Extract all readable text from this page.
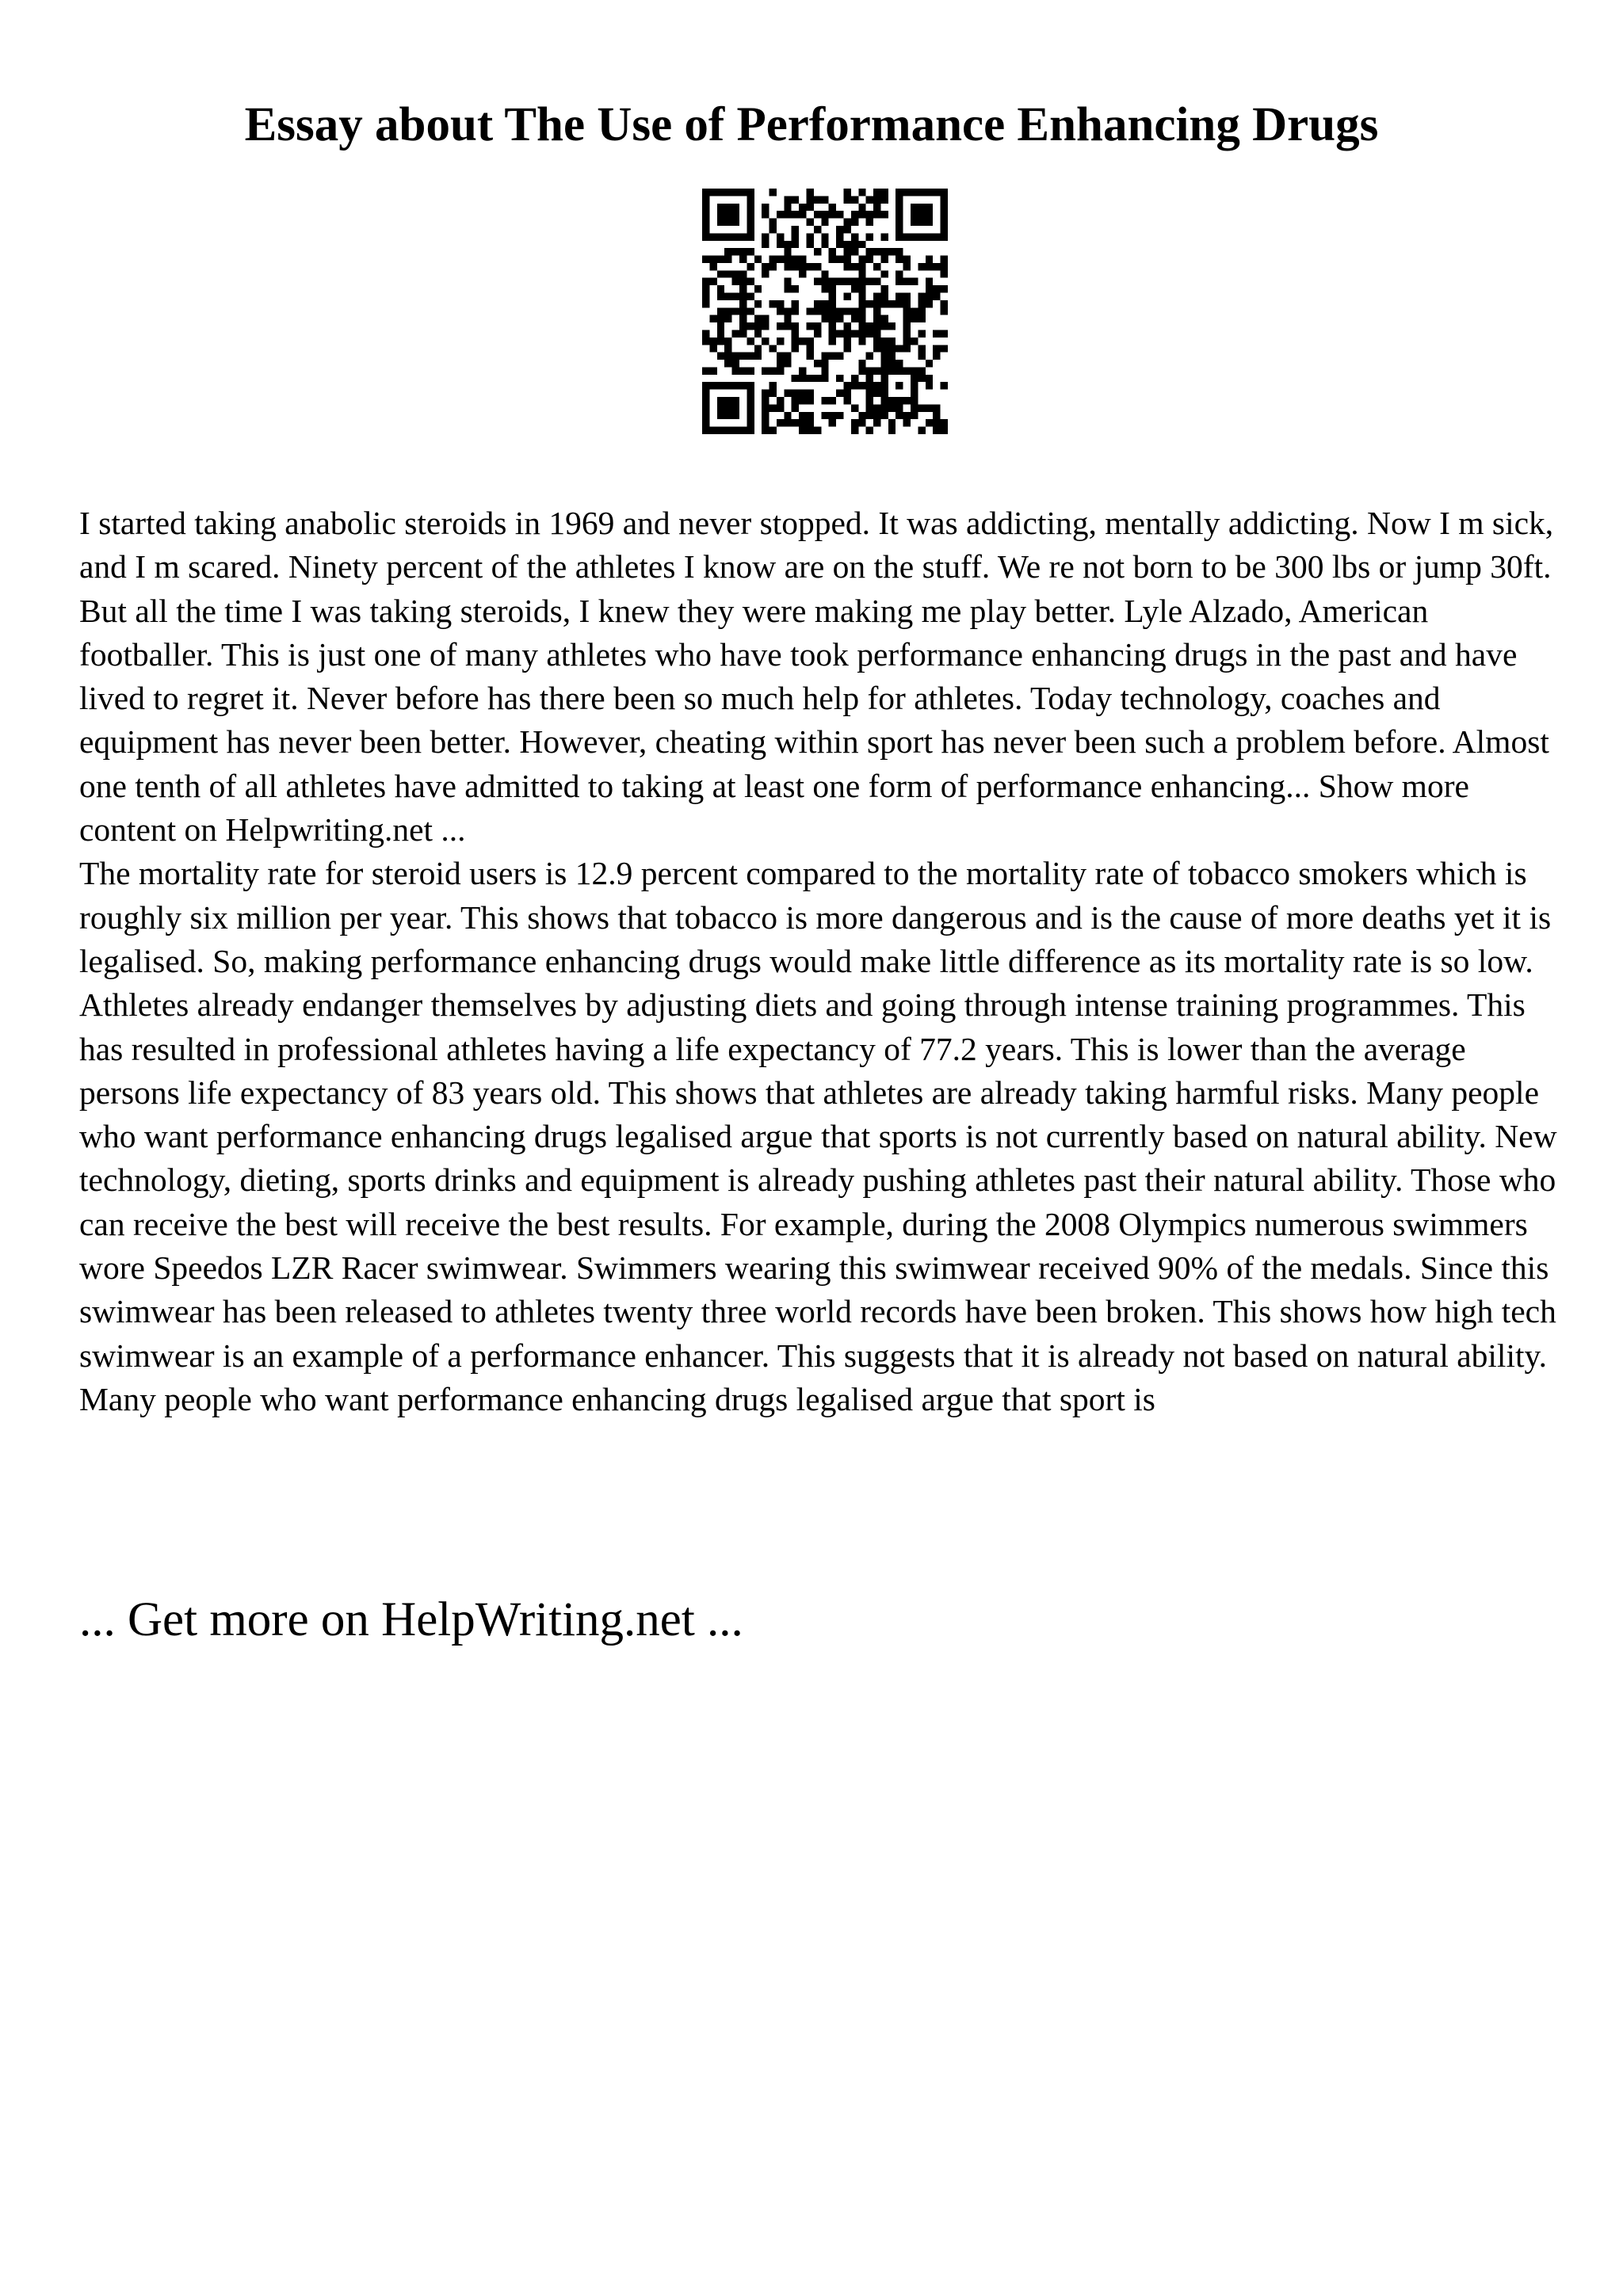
Essay about The Use of Performance Enhancing Drugs

I started taking anabolic steroids in 1969 and never stopped. It was addicting, mentally addicting. Now I m sick, and I m scared. Ninety percent of the athletes I know are on the stuff. We re not born to be 300 lbs or jump 30ft. But all the time I was taking steroids, I knew they were making me play better. Lyle Alzado, American footballer. This is just one of many athletes who have took performance enhancing drugs in the past and have lived to regret it. Never before has there been so much help for athletes. Today technology, coaches and equipment has never been better. However, cheating within sport has never been such a problem before. Almost one tenth of all athletes have admitted to taking at least one form of performance enhancing... Show more content on Helpwriting.net ...

The mortality rate for steroid users is 12.9 percent compared to the mortality rate of tobacco smokers which is roughly six million per year. This shows that tobacco is more dangerous and is the cause of more deaths yet it is legalised. So, making performance enhancing drugs would make little difference as its mortality rate is so low. Athletes already endanger themselves by adjusting diets and going through intense training programmes. This has resulted in professional athletes having a life expectancy of 77.2 years. This is lower than the average persons life expectancy of 83 years old. This shows that athletes are already taking harmful risks. Many people who want performance enhancing drugs legalised argue that sports is not currently based on natural ability. New technology, dieting, sports drinks and equipment is already pushing athletes past their natural ability. Those who can receive the best will receive the best results. For example, during the 2008 Olympics numerous swimmers wore Speedos LZR Racer swimwear. Swimmers wearing this swimwear received 90% of the medals. Since this swimwear has been released to athletes twenty three world records have been broken. This shows how high tech swimwear is an example of a performance enhancer. This suggests that it is already not based on natural ability. Many people who want performance enhancing drugs legalised argue that sport is

... Get more on HelpWriting.net ...
